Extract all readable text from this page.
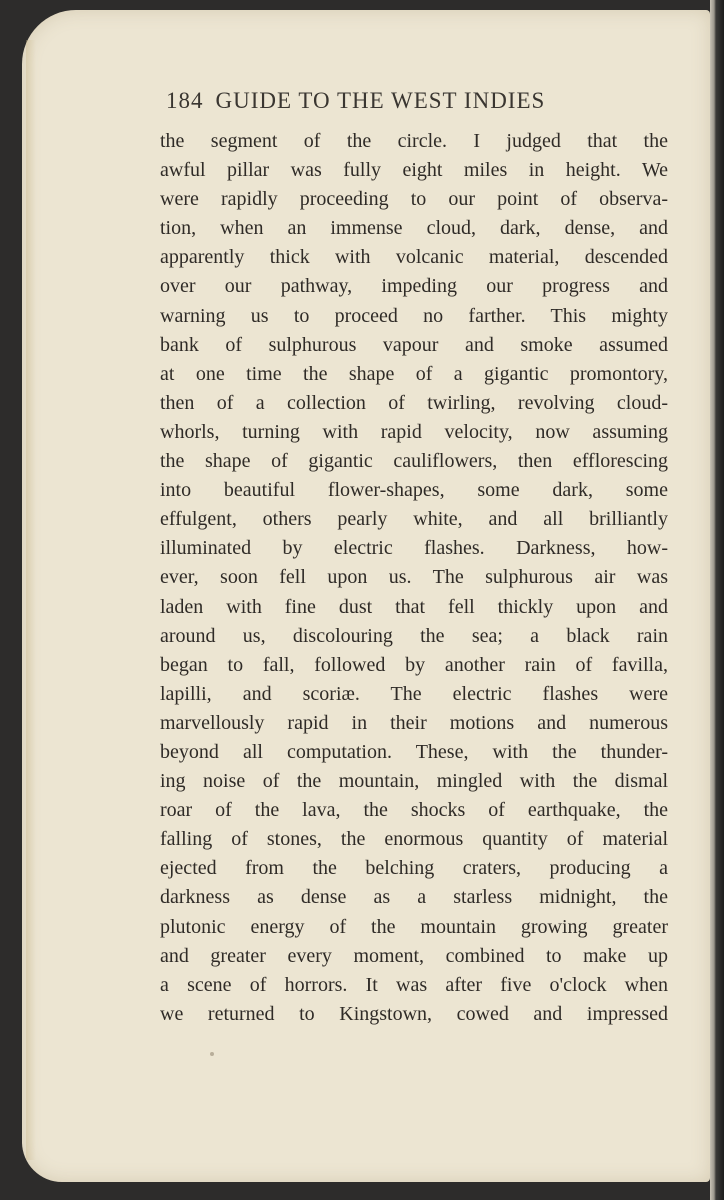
184 GUIDE TO THE WEST INDIES
the segment of the circle. I judged that the
awful pillar was fully eight miles in height. We
were rapidly proceeding to our point of observa-
tion, when an immense cloud, dark, dense, and
apparently thick with volcanic material, descended
over our pathway, impeding our progress and
warning us to proceed no farther. This mighty
bank of sulphurous vapour and smoke assumed
at one time the shape of a gigantic promontory,
then of a collection of twirling, revolving cloud-
whorls, turning with rapid velocity, now assuming
the shape of gigantic cauliflowers, then efflorescing
into beautiful flower-shapes, some dark, some
effulgent, others pearly white, and all brilliantly
illuminated by electric flashes. Darkness, how-
ever, soon fell upon us. The sulphurous air was
laden with fine dust that fell thickly upon and
around us, discolouring the sea; a black rain
began to fall, followed by another rain of favilla,
lapilli, and scoriæ. The electric flashes were
marvellously rapid in their motions and numerous
beyond all computation. These, with the thunder-
ing noise of the mountain, mingled with the dismal
roar of the lava, the shocks of earthquake, the
falling of stones, the enormous quantity of material
ejected from the belching craters, producing a
darkness as dense as a starless midnight, the
plutonic energy of the mountain growing greater
and greater every moment, combined to make up
a scene of horrors. It was after five o'clock when
we returned to Kingstown, cowed and impressed
